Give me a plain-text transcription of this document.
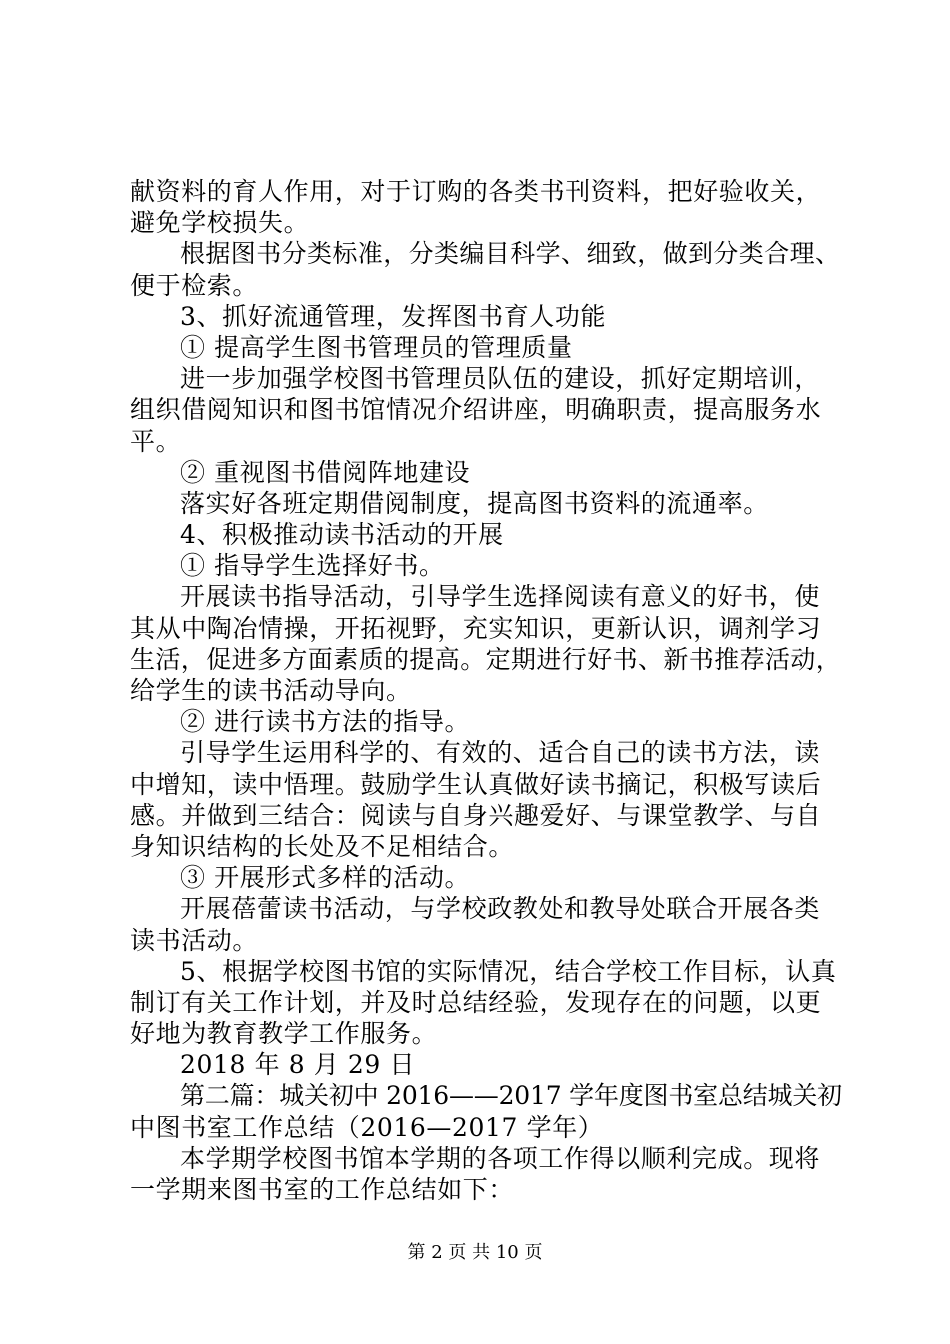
献资料的育人作用，对于订购的各类书刊资料，把好验收关，
避免学校损失。
根据图书分类标准，分类编目科学、细致，做到分类合理、
便于检索。
3、抓好流通管理，发挥图书育人功能
① 提高学生图书管理员的管理质量
进一步加强学校图书管理员队伍的建设，抓好定期培训，
组织借阅知识和图书馆情况介绍讲座，明确职责，提高服务水
平。
② 重视图书借阅阵地建设
落实好各班定期借阅制度，提高图书资料的流通率。
4、积极推动读书活动的开展
① 指导学生选择好书。
开展读书指导活动，引导学生选择阅读有意义的好书，使
其从中陶冶情操，开拓视野，充实知识，更新认识，调剂学习
生活，促进多方面素质的提高。定期进行好书、新书推荐活动，
给学生的读书活动导向。
② 进行读书方法的指导。
引导学生运用科学的、有效的、适合自己的读书方法，读
中增知，读中悟理。鼓励学生认真做好读书摘记，积极写读后
感。并做到三结合：阅读与自身兴趣爱好、与课堂教学、与自
身知识结构的长处及不足相结合。
③ 开展形式多样的活动。
开展蓓蕾读书活动，与学校政教处和教导处联合开展各类
读书活动。
5、根据学校图书馆的实际情况，结合学校工作目标，认真
制订有关工作计划，并及时总结经验，发现存在的问题，以更
好地为教育教学工作服务。
2018 年 8 月 29 日
第二篇：城关初中 2016——2017 学年度图书室总结城关初
中图书室工作总结（2016—2017 学年）
本学期学校图书馆本学期的各项工作得以顺利完成。现将
一学期来图书室的工作总结如下：
第 2 页 共 10 页
